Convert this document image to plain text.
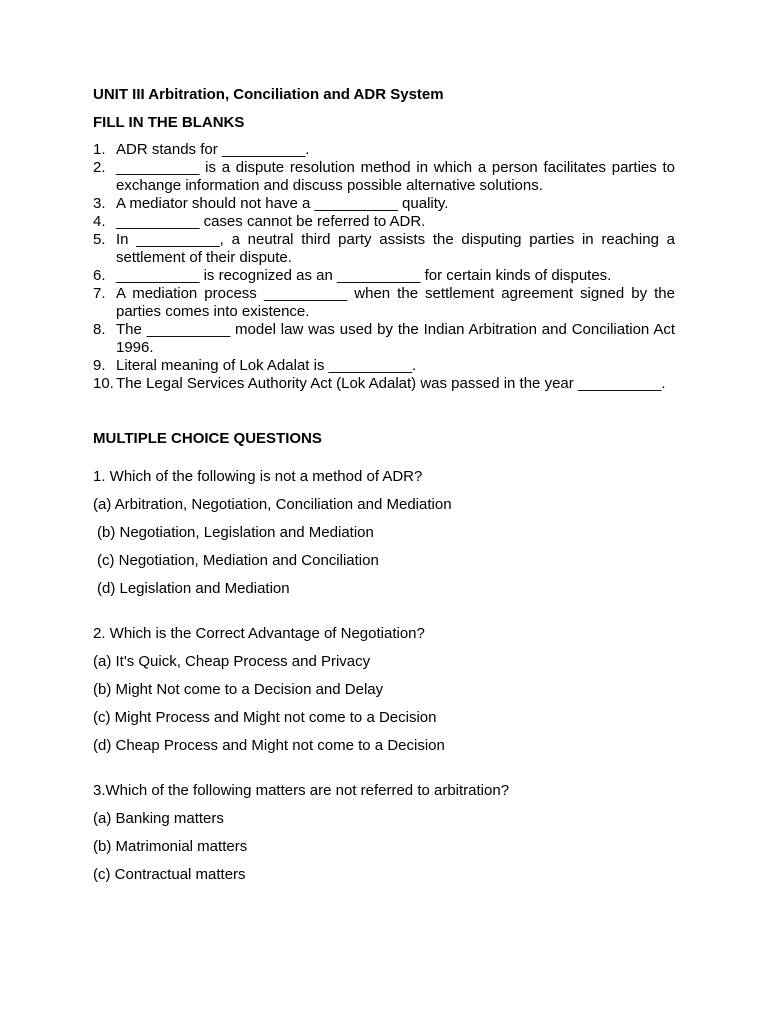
UNIT III Arbitration, Conciliation and ADR System

FILL IN THE BLANKS

1. ADR stands for __________.
2. __________ is a dispute resolution method in which a person facilitates parties to exchange information and discuss possible alternative solutions.
3. A mediator should not have a __________ quality.
4. __________ cases cannot be referred to ADR.
5. In __________, a neutral third party assists the disputing parties in reaching a settlement of their dispute.
6. __________ is recognized as an __________ for certain kinds of disputes.
7. A mediation process __________ when the settlement agreement signed by the parties comes into existence.
8. The __________ model law was used by the Indian Arbitration and Conciliation Act 1996.
9. Literal meaning of Lok Adalat is __________.
10. The Legal Services Authority Act (Lok Adalat) was passed in the year __________.

MULTIPLE CHOICE QUESTIONS

1. Which of the following is not a method of ADR?

(a) Arbitration, Negotiation, Conciliation and Mediation

(b) Negotiation, Legislation and Mediation

(c) Negotiation, Mediation and Conciliation

(d) Legislation and Mediation

2. Which is the Correct Advantage of Negotiation?

(a) It's Quick, Cheap Process and Privacy

(b) Might Not come to a Decision and Delay

(c) Might Process and Might not come to a Decision

(d) Cheap Process and Might not come to a Decision

3.Which of the following matters are not referred to arbitration?

(a) Banking matters

(b) Matrimonial matters

(c) Contractual matters
